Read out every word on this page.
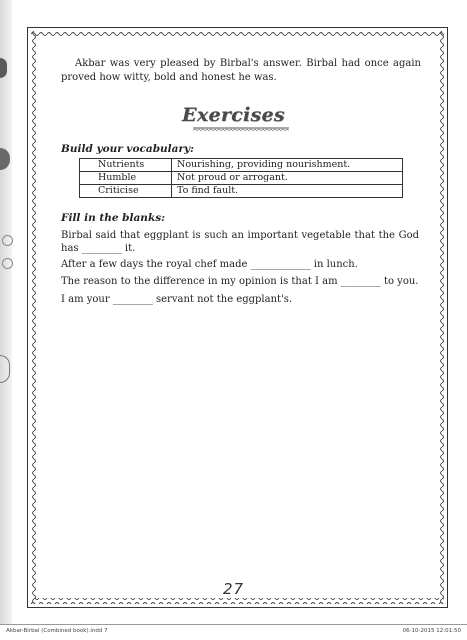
Akbar was very pleased by Birbal's answer. Birbal had once again proved how witty, bold and honest he was.

Exercises

Build your vocabulary:

Nutrients	Nourishing, providing nourishment.
Humble	Not proud or arrogant.
Criticise	To find fault.

Fill in the blanks:

Birbal said that eggplant is such an important vegetable that the God has ________ it.

After a few days the royal chef made ____________ in lunch.

The reason to the difference in my opinion is that I am ________ to you.

I am your ________ servant not the eggplant's.

27
Akbar-Birbal (Combined book).indd 7	06-10-2015 12:01:50
